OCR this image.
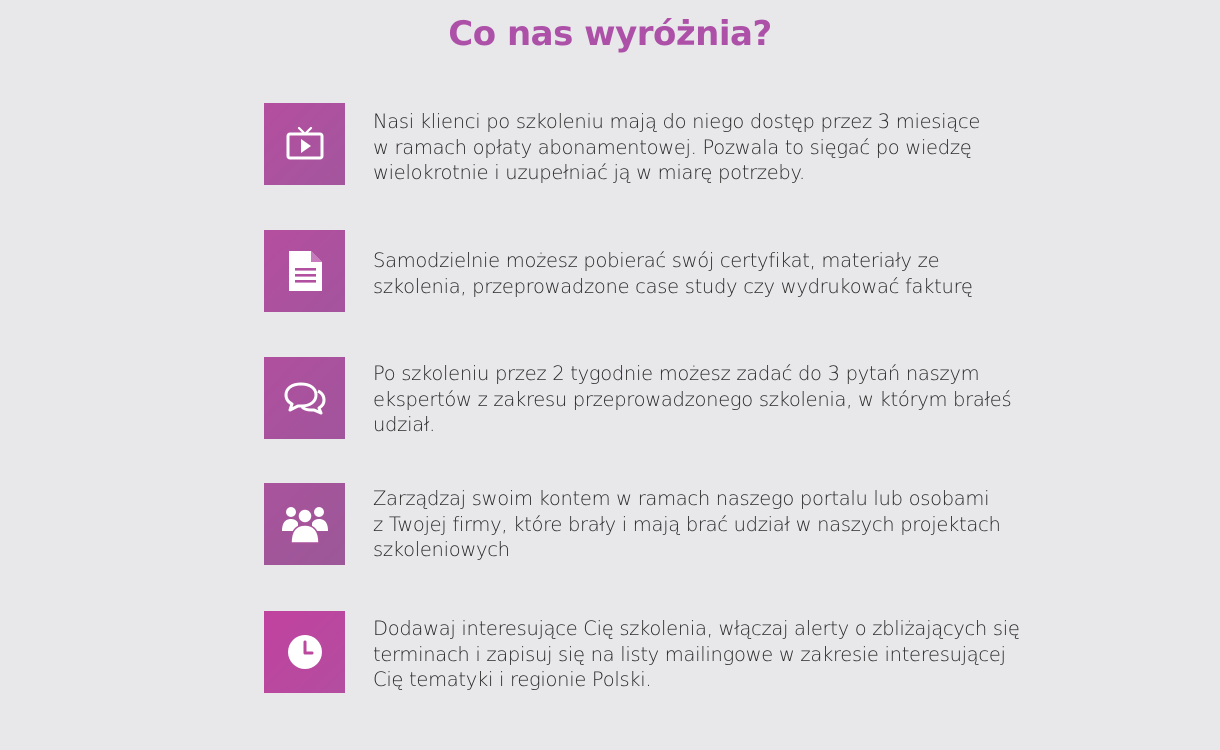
Co nas wyróżnia?
Nasi klienci po szkoleniu mają do niego dostęp przez 3 miesiące
w ramach opłaty abonamentowej. Pozwala to sięgać po wiedzę
wielokrotnie i uzupełniać ją w miarę potrzeby.
Samodzielnie możesz pobierać swój certyfikat, materiały ze
szkolenia, przeprowadzone case study czy wydrukować fakturę
Po szkoleniu przez 2 tygodnie możesz zadać do 3 pytań naszym
ekspertów z zakresu przeprowadzonego szkolenia, w którym brałeś
udział.
Zarządzaj swoim kontem w ramach naszego portalu lub osobami
z Twojej firmy, które brały i mają brać udział w naszych projektach
szkoleniowych
Dodawaj interesujące Cię szkolenia, włączaj alerty o zbliżających się
terminach i zapisuj się na listy mailingowe w zakresie interesującej
Cię tematyki i regionie Polski.
